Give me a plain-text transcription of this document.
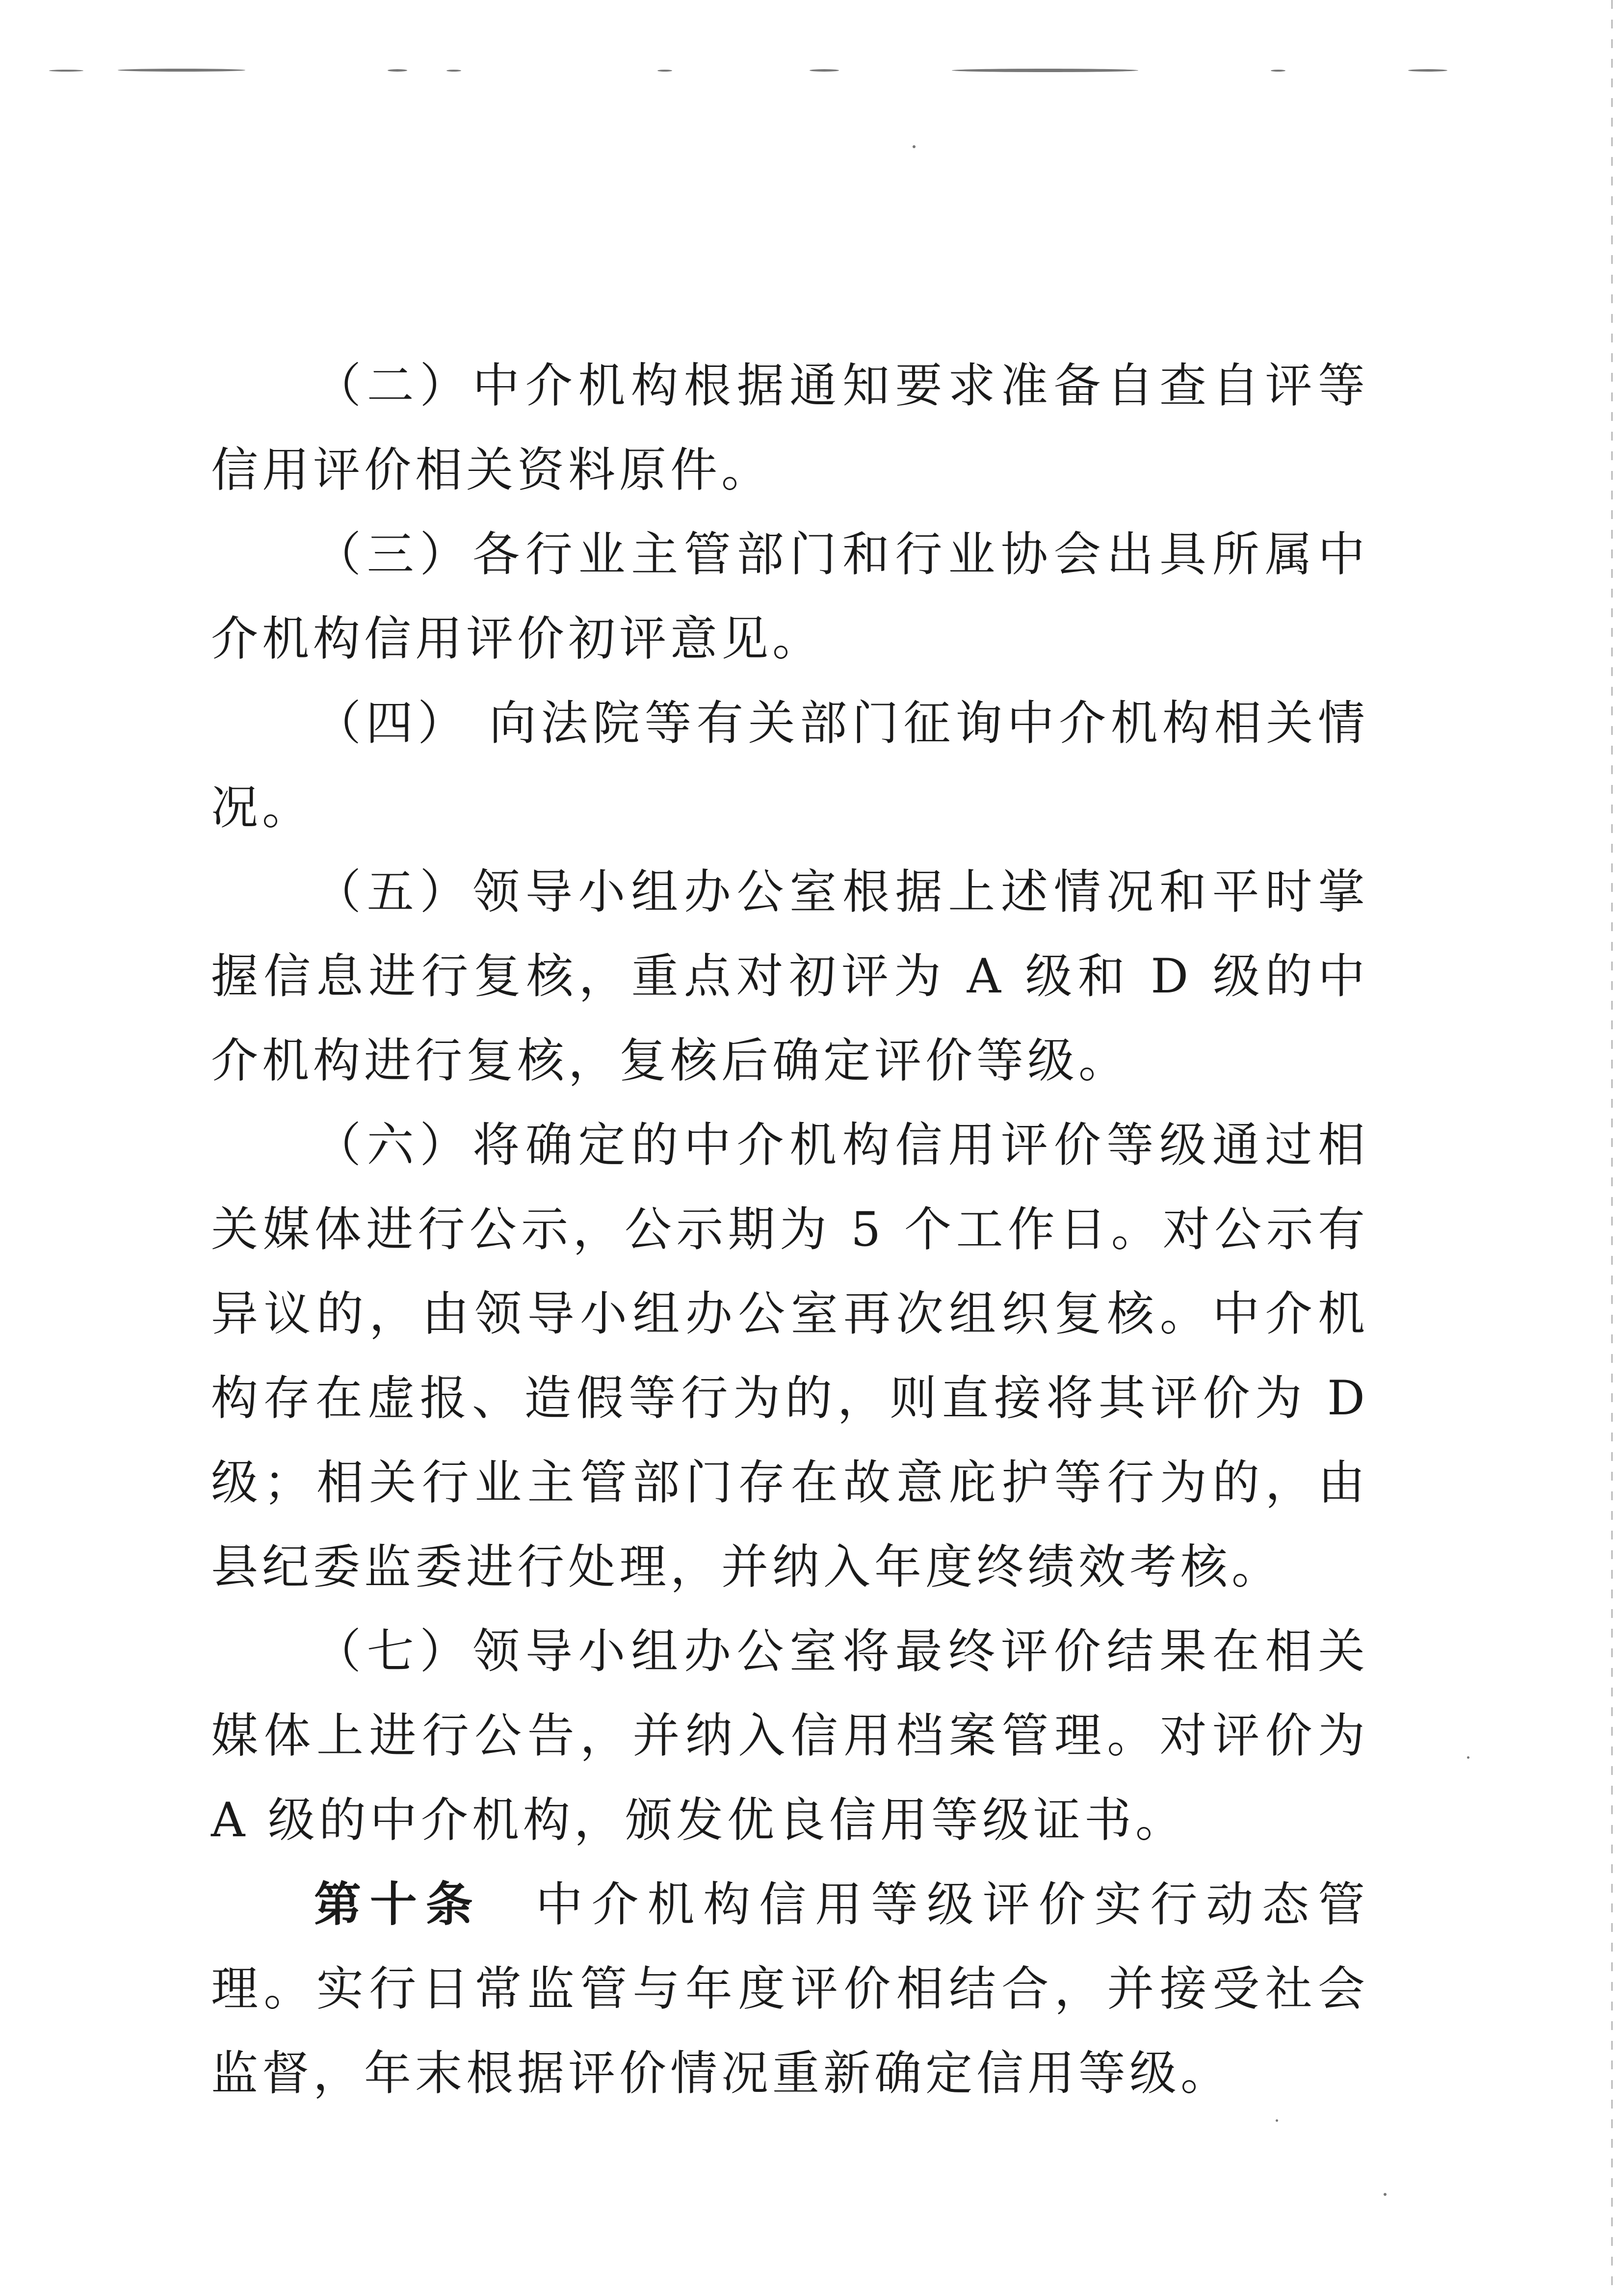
（二）中介机构根据通知要求准备自查自评等信用评价相关资料原件。

（三）各行业主管部门和行业协会出具所属中介机构信用评价初评意见。

（四） 向法院等有关部门征询中介机构相关情况。

（五）领导小组办公室根据上述情况和平时掌握信息进行复核，重点对初评为 A 级和 D 级的中介机构进行复核，复核后确定评价等级。

（六）将确定的中介机构信用评价等级通过相关媒体进行公示，公示期为 5 个工作日。对公示有异议的，由领导小组办公室再次组织复核。中介机构存在虚报、造假等行为的，则直接将其评价为 D 级；相关行业主管部门存在故意庇护等行为的，由县纪委监委进行处理，并纳入年度终绩效考核。

（七）领导小组办公室将最终评价结果在相关媒体上进行公告，并纳入信用档案管理。对评价为 A 级的中介机构，颁发优良信用等级证书。

第十条 中介机构信用等级评价实行动态管理。实行日常监管与年度评价相结合，并接受社会监督，年末根据评价情况重新确定信用等级。
